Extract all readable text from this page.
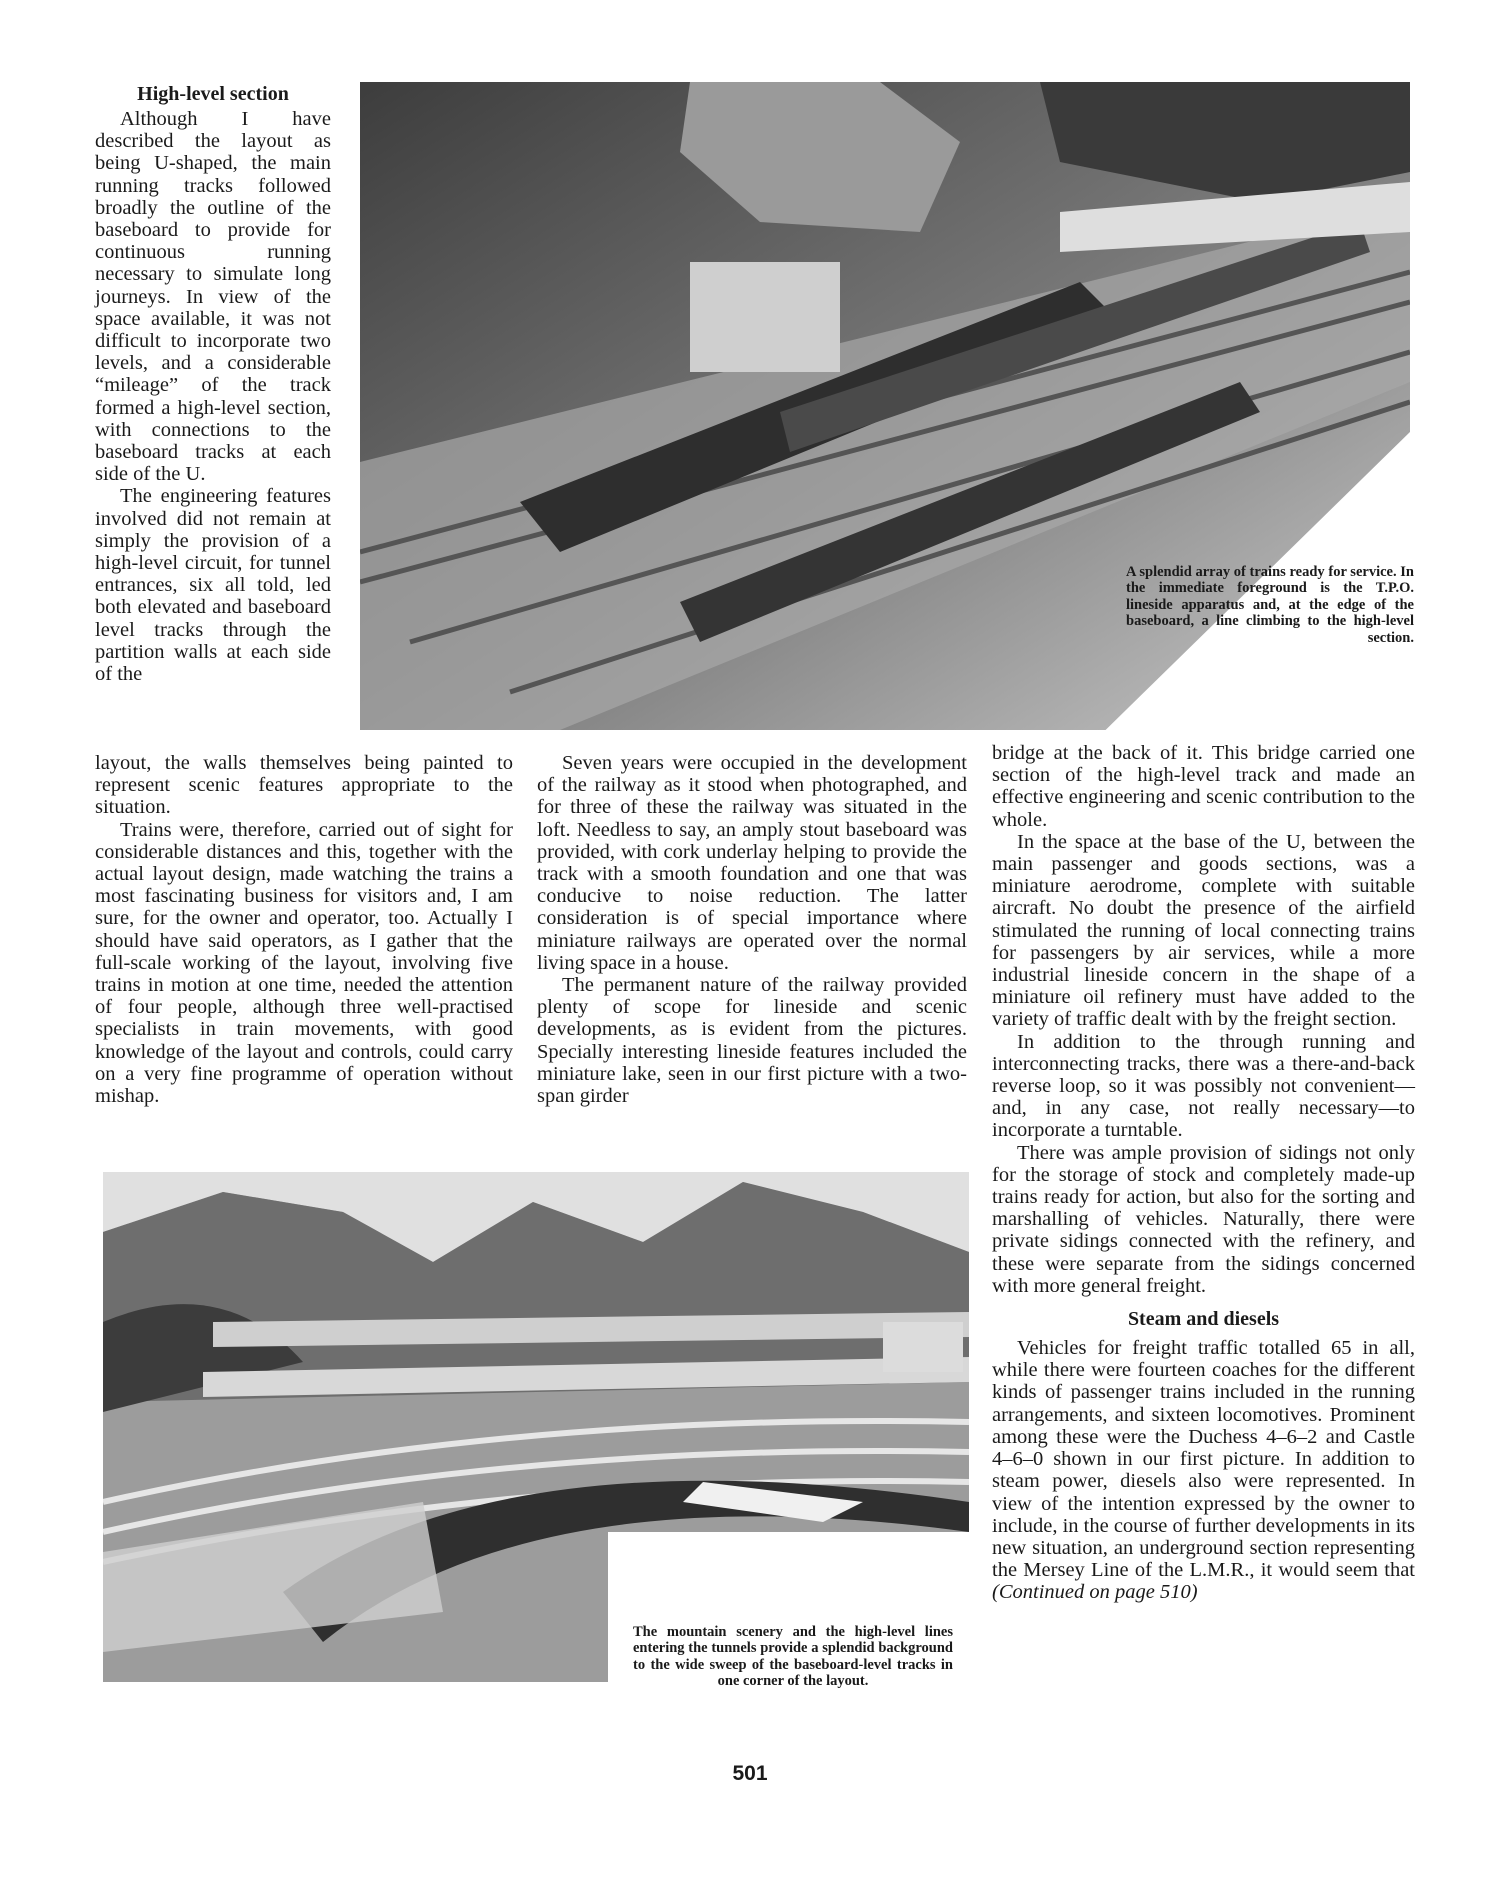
High-level section

Although I have described the layout as being U-shaped, the main running tracks followed broadly the outline of the baseboard to provide for continuous running necessary to simulate long journeys. In view of the space available, it was not difficult to incorporate two levels, and a considerable “mileage” of the track formed a high-level section, with connections to the baseboard tracks at each side of the U.

The engineering features involved did not remain at simply the provision of a high-level circuit, for tunnel entrances, six all told, led both elevated and baseboard level tracks through the partition walls at each side of the

layout, the walls themselves being painted to represent scenic features appropriate to the situation.

Trains were, therefore, carried out of sight for considerable distances and this, together with the actual layout design, made watching the trains a most fascinating business for visitors and, I am sure, for the owner and operator, too. Actually I should have said operators, as I gather that the full-scale working of the layout, involving five trains in motion at one time, needed the attention of four people, although three well-practised specialists in train movements, with good knowledge of the layout and controls, could carry on a very fine programme of operation without mishap.

A splendid array of trains ready for service. In the immediate foreground is the T.P.O. lineside apparatus and, at the edge of the baseboard, a line climbing to the high-level section.

Seven years were occupied in the development of the railway as it stood when photographed, and for three of these the railway was situated in the loft. Needless to say, an amply stout baseboard was provided, with cork underlay helping to provide the track with a smooth foundation and one that was conducive to noise reduction. The latter consideration is of special importance where miniature railways are operated over the normal living space in a house.

The permanent nature of the railway provided plenty of scope for lineside and scenic developments, as is evident from the pictures. Specially interesting lineside features included the miniature lake, seen in our first picture with a two-span girder

bridge at the back of it. This bridge carried one section of the high-level track and made an effective engineering and scenic contribution to the whole.

In the space at the base of the U, between the main passenger and goods sections, was a miniature aerodrome, complete with suitable aircraft. No doubt the presence of the airfield stimulated the running of local connecting trains for passengers by air services, while a more industrial lineside concern in the shape of a miniature oil refinery must have added to the variety of traffic dealt with by the freight section.

In addition to the through running and interconnecting tracks, there was a there-and-back reverse loop, so it was possibly not convenient—and, in any case, not really necessary—to incorporate a turntable.

There was ample provision of sidings not only for the storage of stock and completely made-up trains ready for action, but also for the sorting and marshalling of vehicles. Naturally, there were private sidings connected with the refinery, and these were separate from the sidings concerned with more general freight.

Steam and diesels

Vehicles for freight traffic totalled 65 in all, while there were fourteen coaches for the different kinds of passenger trains included in the running arrangements, and sixteen locomotives. Prominent among these were the Duchess 4–6–2 and Castle 4–6–0 shown in our first picture. In addition to steam power, diesels also were represented. In view of the intention expressed by the owner to include, in the course of further developments in its new situation, an underground section representing the Mersey Line of the L.M.R., it would seem that (Continued on page 510)

The mountain scenery and the high-level lines entering the tunnels provide a splendid background to the wide sweep of the baseboard-level tracks in one corner of the layout.
501
